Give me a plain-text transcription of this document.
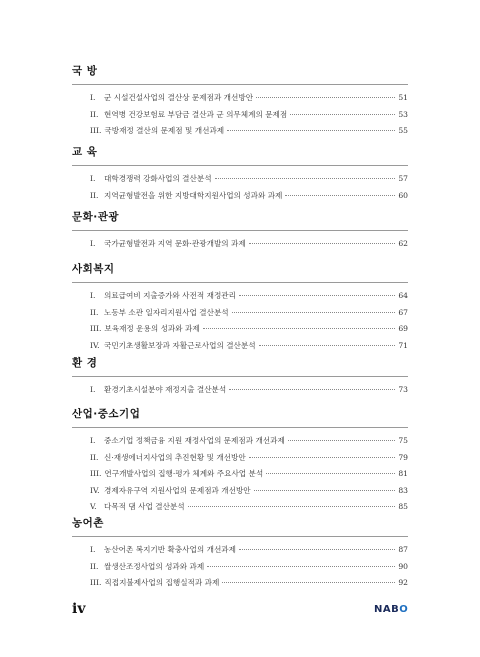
국 방
I.	군 시설건설사업의 결산상 문제점과 개선방안	51
II. 현역병 건강보험료 부담금 결산과 군 의무체계의 문제점	53
III. 국방재정 결산의 문제점 및 개선과제	55
교 육
I.	대학경쟁력 강화사업의 결산분석	57
II. 지역균형발전을 위한 지방대학지원사업의 성과와 과제	60
문화·관광
I.	국가균형발전과 지역 문화·관광개발의 과제	62
사회복지
I.	의료급여비 지출증가와 사전적 재정관리	64
II. 노동부 소관 일자리지원사업 결산분석	67
III. 보육재정 운용의 성과와 과제	69
IV. 국민기초생활보장과 자활근로사업의 결산분석	71
환 경
I.	환경기초시설분야 재정지출 결산분석	73
산업·중소기업
I.	중소기업 정책금융 지원 재정사업의 문제점과 개선과제	75
II. 신·재생에너지사업의 추진현황 및 개선방안	79
III. 연구개발사업의 집행·평가 체계와 주요사업 분석	81
IV. 경제자유구역 지원사업의 문제점과 개선방안	83
V. 다목적 댐 사업 결산분석	85
농어촌
I.	농산어촌 복지기반 확충사업의 개선과제	87
II. 쌀생산조정사업의 성과와 과제	90
III. 직접지불제사업의 집행실적과 과제	92
iv	NABO
